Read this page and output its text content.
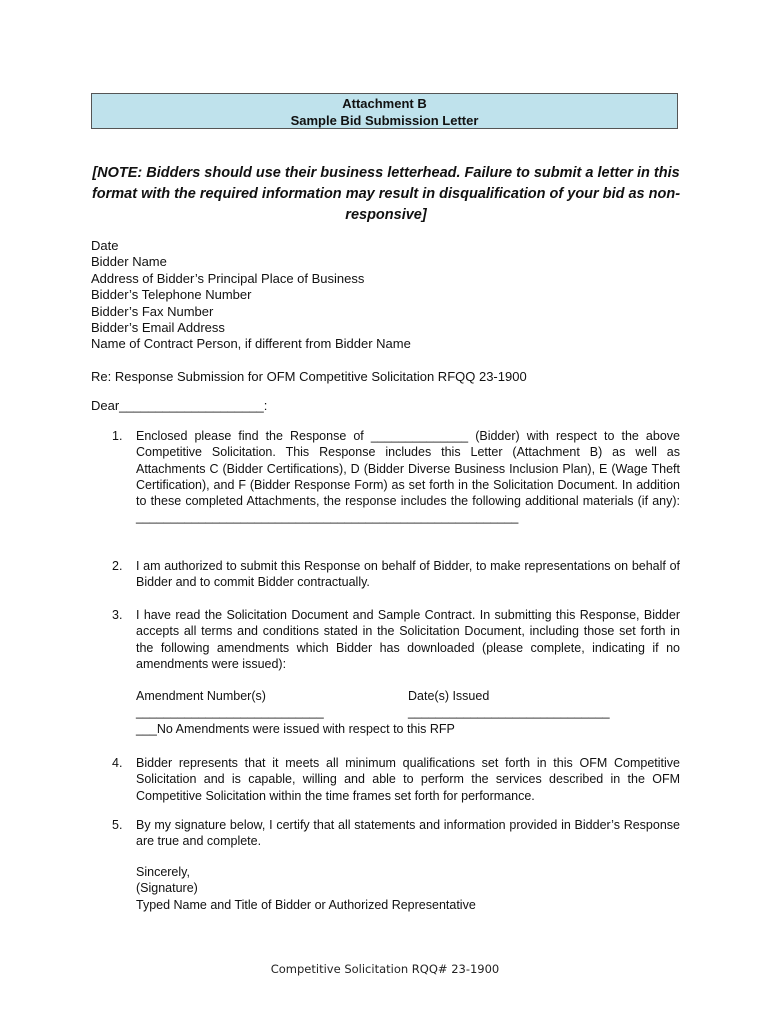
Attachment B
Sample Bid Submission Letter
[NOTE: Bidders should use their business letterhead. Failure to submit a letter in this format with the required information may result in disqualification of your bid as non-responsive]
Date
Bidder Name
Address of Bidder’s Principal Place of Business
Bidder’s Telephone Number
Bidder’s Fax Number
Bidder’s Email Address
Name of Contract Person, if different from Bidder Name
Re: Response Submission for OFM Competitive Solicitation RFQQ 23-1900
Dear____________________:
1. Enclosed please find the Response of ______________ (Bidder) with respect to the above Competitive Solicitation. This Response includes this Letter (Attachment B) as well as Attachments C (Bidder Certifications), D (Bidder Diverse Business Inclusion Plan), E (Wage Theft Certification), and F (Bidder Response Form) as set forth in the Solicitation Document. In addition to these completed Attachments, the response includes the following additional materials (if any):
_______________________________________________________
2. I am authorized to submit this Response on behalf of Bidder, to make representations on behalf of Bidder and to commit Bidder contractually.
3. I have read the Solicitation Document and Sample Contract. In submitting this Response, Bidder accepts all terms and conditions stated in the Solicitation Document, including those set forth in the following amendments which Bidder has downloaded (please complete, indicating if no amendments were issued):
Amendment Number(s)	Date(s) Issued
___________________________	_____________________________
___No Amendments were issued with respect to this RFP
4. Bidder represents that it meets all minimum qualifications set forth in this OFM Competitive Solicitation and is capable, willing and able to perform the services described in the OFM Competitive Solicitation within the time frames set forth for performance.
5. By my signature below, I certify that all statements and information provided in Bidder’s Response are true and complete.
Sincerely,
(Signature)
Typed Name and Title of Bidder or Authorized Representative
Competitive Solicitation RQQ# 23-1900
